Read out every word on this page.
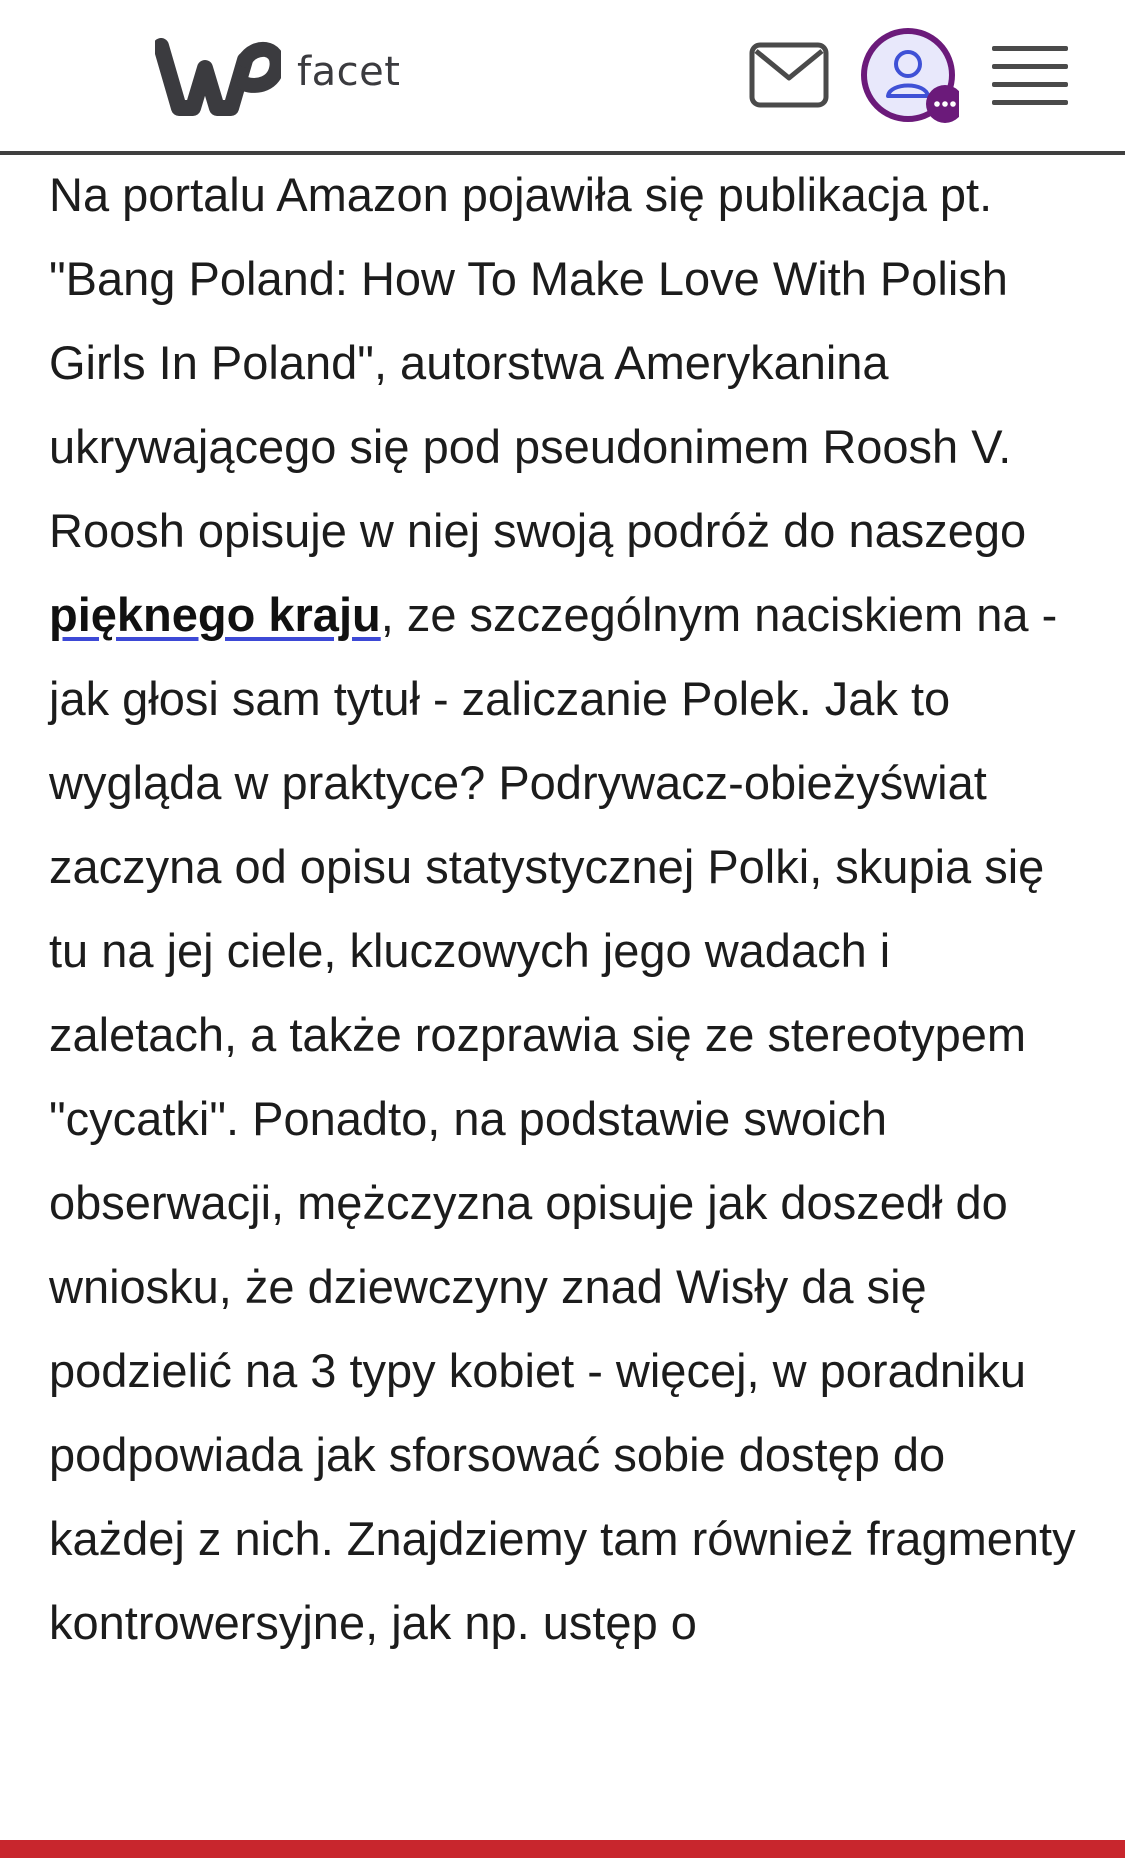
facet
Na portalu Amazon pojawiła się publikacja pt. "Bang Poland: How To Make Love With Polish Girls In Poland", autorstwa Amerykanina ukrywającego się pod pseudonimem Roosh V. Roosh opisuje w niej swoją podróż do naszego pięknego kraju, ze szczególnym naciskiem na - jak głosi sam tytuł - zaliczanie Polek. Jak to wygląda w praktyce? Podrywacz-obieżyświat zaczyna od opisu statystycznej Polki, skupia się tu na jej ciele, kluczowych jego wadach i zaletach, a także rozprawia się ze stereotypem "cycatki". Ponadto, na podstawie swoich obserwacji, mężczyzna opisuje jak doszedł do wniosku, że dziewczyny znad Wisły da się podzielić na 3 typy kobiet - więcej, w poradniku podpowiada jak sforsować sobie dostęp do każdej z nich. Znajdziemy tam również fragmenty kontrowersyjne, jak np. ustęp o
